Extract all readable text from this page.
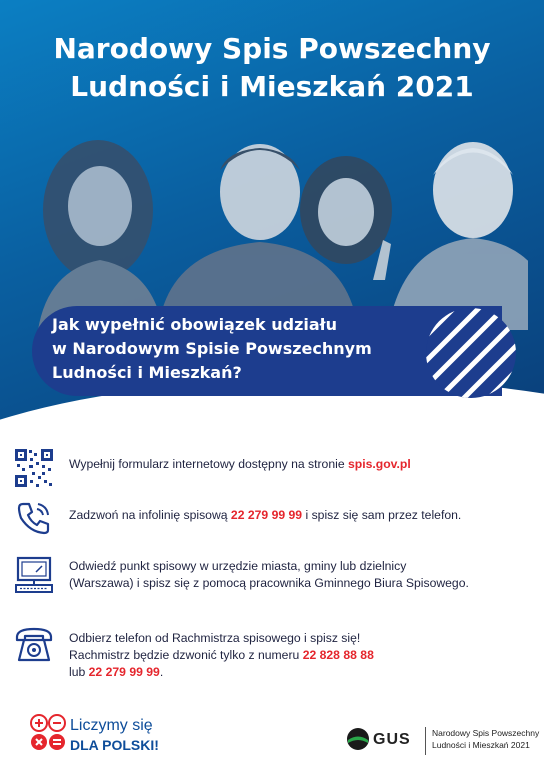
Narodowy Spis Powszechny
Ludności i Mieszkań 2021
Jak wypełnić obowiązek udziału
w Narodowym Spisie Powszechnym
Ludności i Mieszkań?
Wypełnij formularz internetowy dostępny na stronie spis.gov.pl
Zadzwoń na infolinię spisową 22 279 99 99 i spisz się sam przez telefon.
Odwiedź punkt spisowy w urzędzie miasta, gminy lub dzielnicy
(Warszawa) i spisz się z pomocą pracownika Gminnego Biura Spisowego.
Odbierz telefon od Rachmistrza spisowego i spisz się!
Rachmistrz będzie dzwonić tylko z numeru 22 828 88 88
lub 22 279 99 99.
Liczymy się
DLA POLSKI!	GUS	Narodowy Spis Powszechny
Ludności i Mieszkań 2021
